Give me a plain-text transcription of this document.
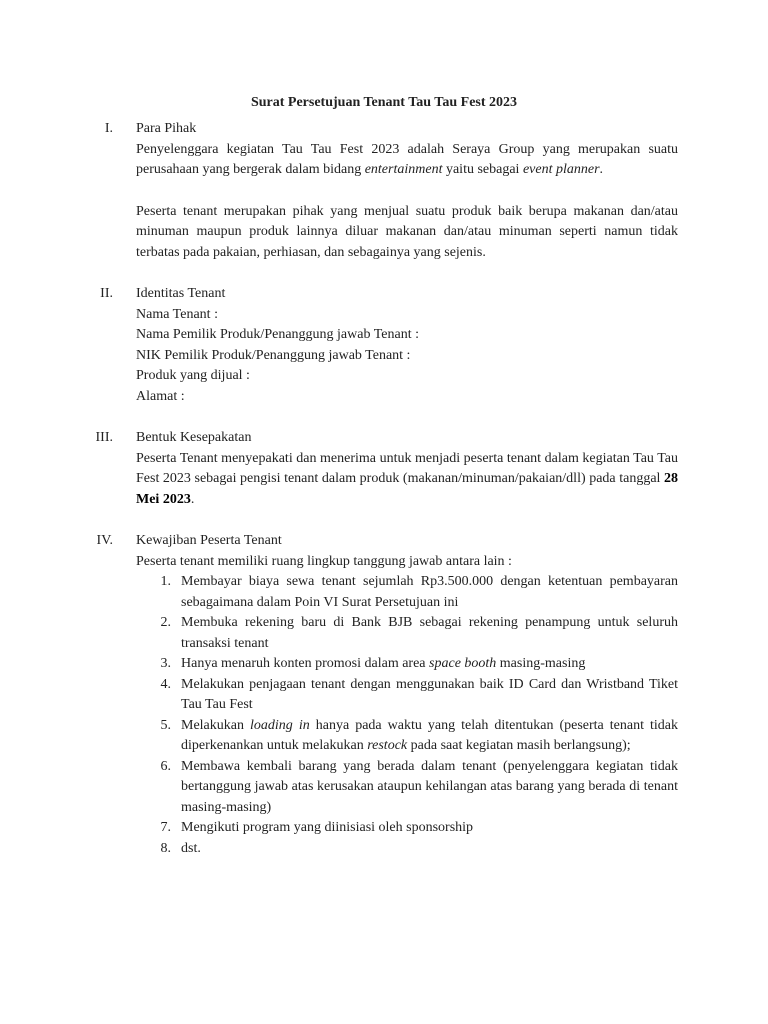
Surat Persetujuan Tenant Tau Tau Fest 2023
I. Para Pihak
Penyelenggara kegiatan Tau Tau Fest 2023 adalah Seraya Group yang merupakan suatu perusahaan yang bergerak dalam bidang entertainment yaitu sebagai event planner.
Peserta tenant merupakan pihak yang menjual suatu produk baik berupa makanan dan/atau minuman maupun produk lainnya diluar makanan dan/atau minuman seperti namun tidak terbatas pada pakaian, perhiasan, dan sebagainya yang sejenis.
II. Identitas Tenant
Nama Tenant :
Nama Pemilik Produk/Penanggung jawab Tenant :
NIK Pemilik Produk/Penanggung jawab Tenant :
Produk yang dijual :
Alamat :
III. Bentuk Kesepakatan
Peserta Tenant menyepakati dan menerima untuk menjadi peserta tenant dalam kegiatan Tau Tau Fest 2023 sebagai pengisi tenant dalam produk (makanan/minuman/pakaian/dll) pada tanggal 28 Mei 2023.
IV. Kewajiban Peserta Tenant
Peserta tenant memiliki ruang lingkup tanggung jawab antara lain :
1. Membayar biaya sewa tenant sejumlah Rp3.500.000 dengan ketentuan pembayaran sebagaimana dalam Poin VI Surat Persetujuan ini
2. Membuka rekening baru di Bank BJB sebagai rekening penampung untuk seluruh transaksi tenant
3. Hanya menaruh konten promosi dalam area space booth masing-masing
4. Melakukan penjagaan tenant dengan menggunakan baik ID Card dan Wristband Tiket Tau Tau Fest
5. Melakukan loading in hanya pada waktu yang telah ditentukan (peserta tenant tidak diperkenankan untuk melakukan restock pada saat kegiatan masih berlangsung);
6. Membawa kembali barang yang berada dalam tenant (penyelenggara kegiatan tidak bertanggung jawab atas kerusakan ataupun kehilangan atas barang yang berada di tenant masing-masing)
7. Mengikuti program yang diinisiasi oleh sponsorship
8. dst.
